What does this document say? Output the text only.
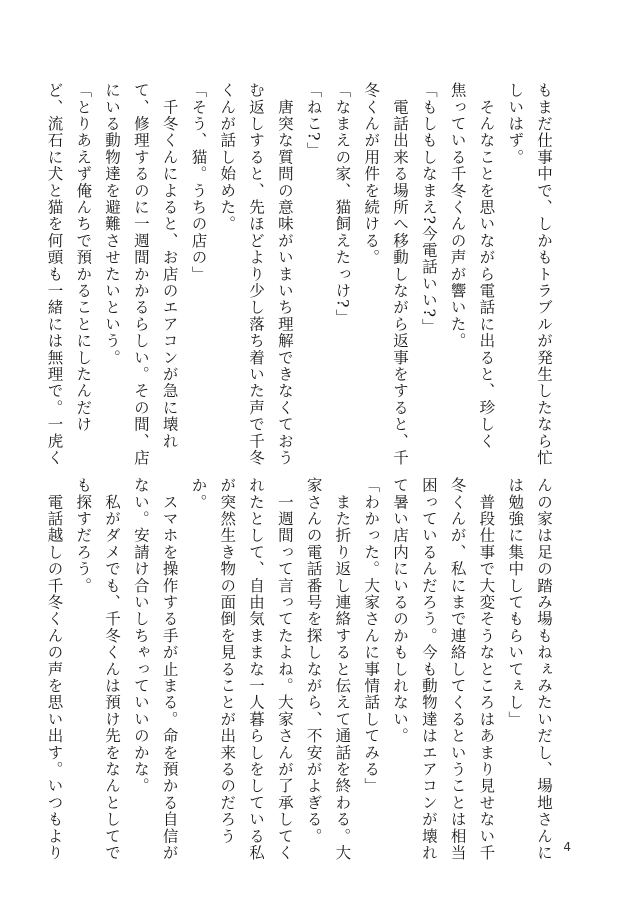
もまだ仕事中で、しかもトラブルが発生したなら忙
しいはず。
　そんなことを思いながら電話に出ると、珍しく
焦っている千冬くんの声が響いた。
「もしもしなまえ?今電話いい?」
　電話出来る場所へ移動しながら返事をすると、千
冬くんが用件を続ける。
「なまえの家、猫飼えたっけ?」
「ねこ?」
　唐突な質問の意味がいまいち理解できなくておう
む返しすると、先ほどより少し落ち着いた声で千冬
くんが話し始めた。
「そう、猫。うちの店の」
　千冬くんによると、お店のエアコンが急に壊れ
て、修理するのに一週間かかるらしい。その間、店
にいる動物達を避難させたいという。
「とりあえず俺んちで預かることにしたんだけ
ど、流石に犬と猫を何頭も一緒には無理で。一虎く
んの家は足の踏み場もねぇみたいだし、場地さんに
は勉強に集中してもらいてぇし」
　普段仕事で大変そうなところはあまり見せない千
冬くんが、私にまで連絡してくるということは相当
困っているんだろう。今も動物達はエアコンが壊れ
て暑い店内にいるのかもしれない。
「わかった。大家さんに事情話してみる」
　また折り返し連絡すると伝えて通話を終わる。大
家さんの電話番号を探しながら、不安がよぎる。
　一週間って言ってたよね。大家さんが了承してく
れたとして、自由気ままな一人暮らしをしている私
が突然生き物の面倒を見ることが出来るのだろう
か。
　スマホを操作する手が止まる。命を預かる自信が
ない。安請け合いしちゃっていいのかな。
　私がダメでも、千冬くんは預け先をなんとしてで
も探すだろう。
　電話越しの千冬くんの声を思い出す。いつもより	4
